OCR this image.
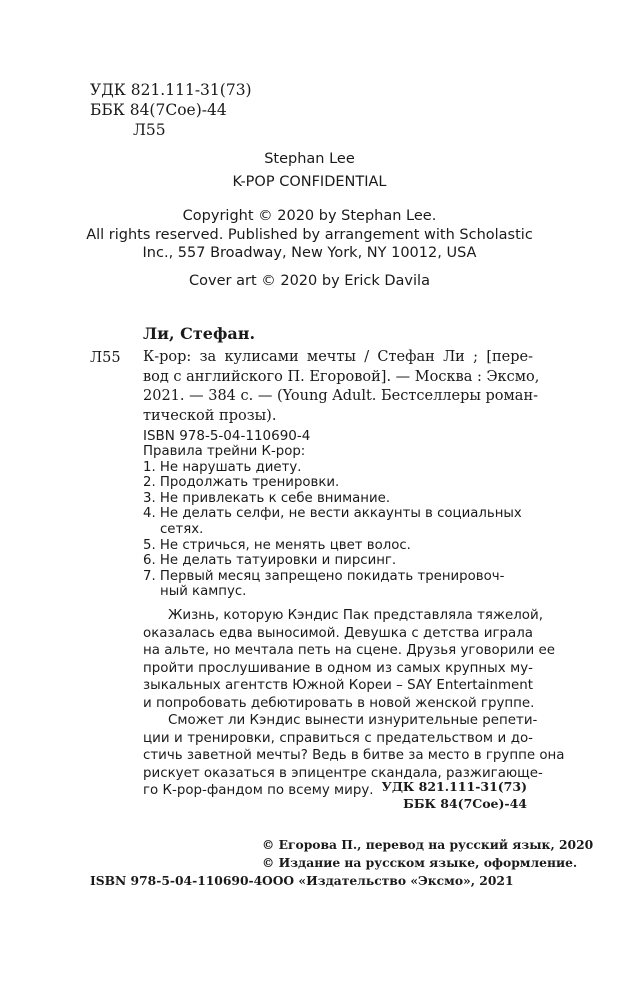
УДК 821.111-31(73)
ББК 84(7Сое)-44
Л55
Stephan Lee
K-POP CONFIDENTIAL
Copyright © 2020 by Stephan Lee.
All rights reserved. Published by arrangement with Scholastic
Inc., 557 Broadway, New York, NY 10012, USA
Cover art © 2020 by Erick Davila
Ли, Стефан.
Л55 К-pop: за кулисами мечты / Стефан Ли ; [пере-
вод с английского П. Егоровой]. — Москва : Эксмо,
2021. — 384 с. — (Young Adult. Бестселлеры роман-
тической прозы).
ISBN 978-5-04-110690-4
Правила трейни К-pop:
1. Не нарушать диету.
2. Продолжать тренировки.
3. Не привлекать к себе внимание.
4. Не делать селфи, не вести аккаунты в социальных
сетях.
5. Не стричься, не менять цвет волос.
6. Не делать татуировки и пирсинг.
7. Первый месяц запрещено покидать тренировоч-
ный кампус.
Жизнь, которую Кэндис Пак представляла тяжелой,
оказалась едва выносимой. Девушка с детства играла
на альте, но мечтала петь на сцене. Друзья уговорили ее
пройти прослушивание в одном из самых крупных му-
зыкальных агентств Южной Кореи – SAY Entertainment
и попробовать дебютировать в новой женской группе.
Сможет ли Кэндис вынести изнурительные репети-
ции и тренировки, справиться с предательством и до-
стичь заветной мечты? Ведь в битве за место в группе она
рискует оказаться в эпицентре скандала, разжигающе-
го К-pop-фандом по всему миру. УДК 821.111-31(73)
ББК 84(7Сое)-44
© Егорова П., перевод на русский язык, 2020
© Издание на русском языке, оформление.
ООО «Издательство «Эксмо», 2021
ISBN 978-5-04-110690-4
